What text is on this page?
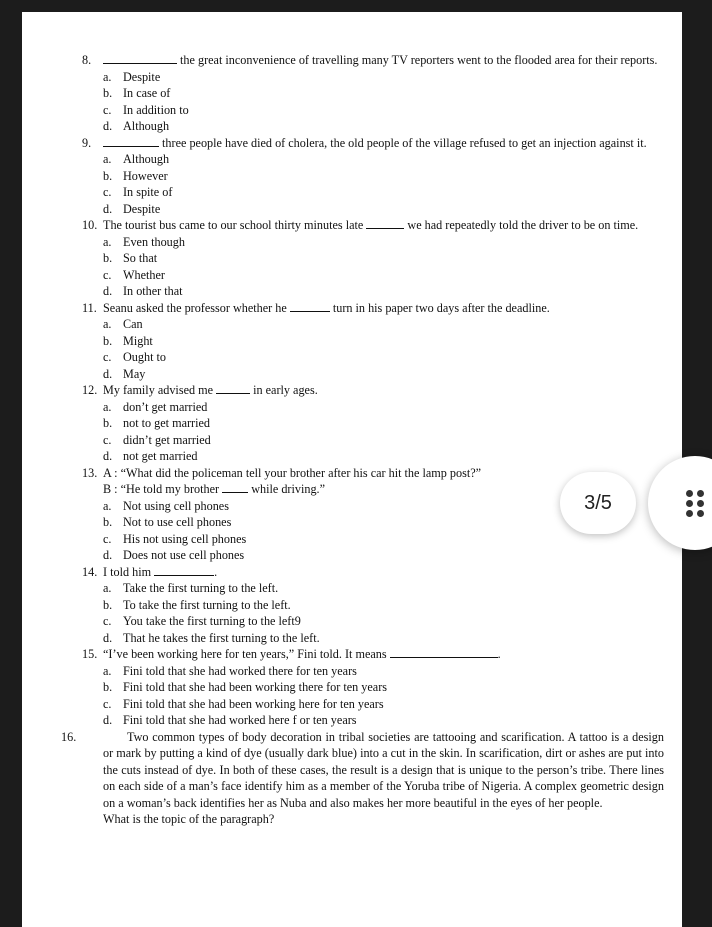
8.	the great inconvenience of travelling many TV reporters went to the flooded area for their reports.
a. Despite
b. In case of
c. In addition to
d. Although
9.	three people have died of cholera, the old people of the village refused to get an injection against it.
a. Although
b. However
c. In spite of
d. Despite
10. The tourist bus came to our school thirty minutes late	we had repeatedly told the driver to be on time.
a. Even though
b. So that
c. Whether
d. In other that
11. Seanu asked the professor whether he	turn in his paper two days after the deadline.
a. Can
b. Might
c. Ought to
d. May
12. My family advised me	in early ages.
a. don’t get married
b. not to get married
c. didn’t get married
d. not get married
13. A : “What did the policeman tell your brother after his car hit the lamp post?”
B : “He told my brother  while driving.”
a. Not using cell phones
b. Not to use cell phones
c. His not using cell phones
d. Does not use cell phones
14. I told him	.
a. Take the first turning to the left.
b. To take the first turning to the left.
c. You take the first turning to the left9
d. That he takes the first turning to the left.
15. “I’ve been working here for ten years,” Fini told. It means	.
a. Fini told that she had worked there for ten years
b. Fini told that she had been working there for ten years
c. Fini told that she had been working here for ten years
d. Fini told that she had worked here f or ten years
16.	Two common types of body decoration in tribal societies are tattooing and scarification. A tattoo is a design or mark by putting a kind of dye (usually dark blue) into a cut in the skin. In scarification, dirt or ashes are put into the cuts instead of dye. In both of these cases, the result is a design that is unique to the person’s tribe. There lines on each side of a man’s face identify him as a member of the Yoruba tribe of Nigeria. A complex geometric design on a woman’s back identifies her as Nuba and also makes her more beautiful in the eyes of her people.
What is the topic of the paragraph?
3/5
